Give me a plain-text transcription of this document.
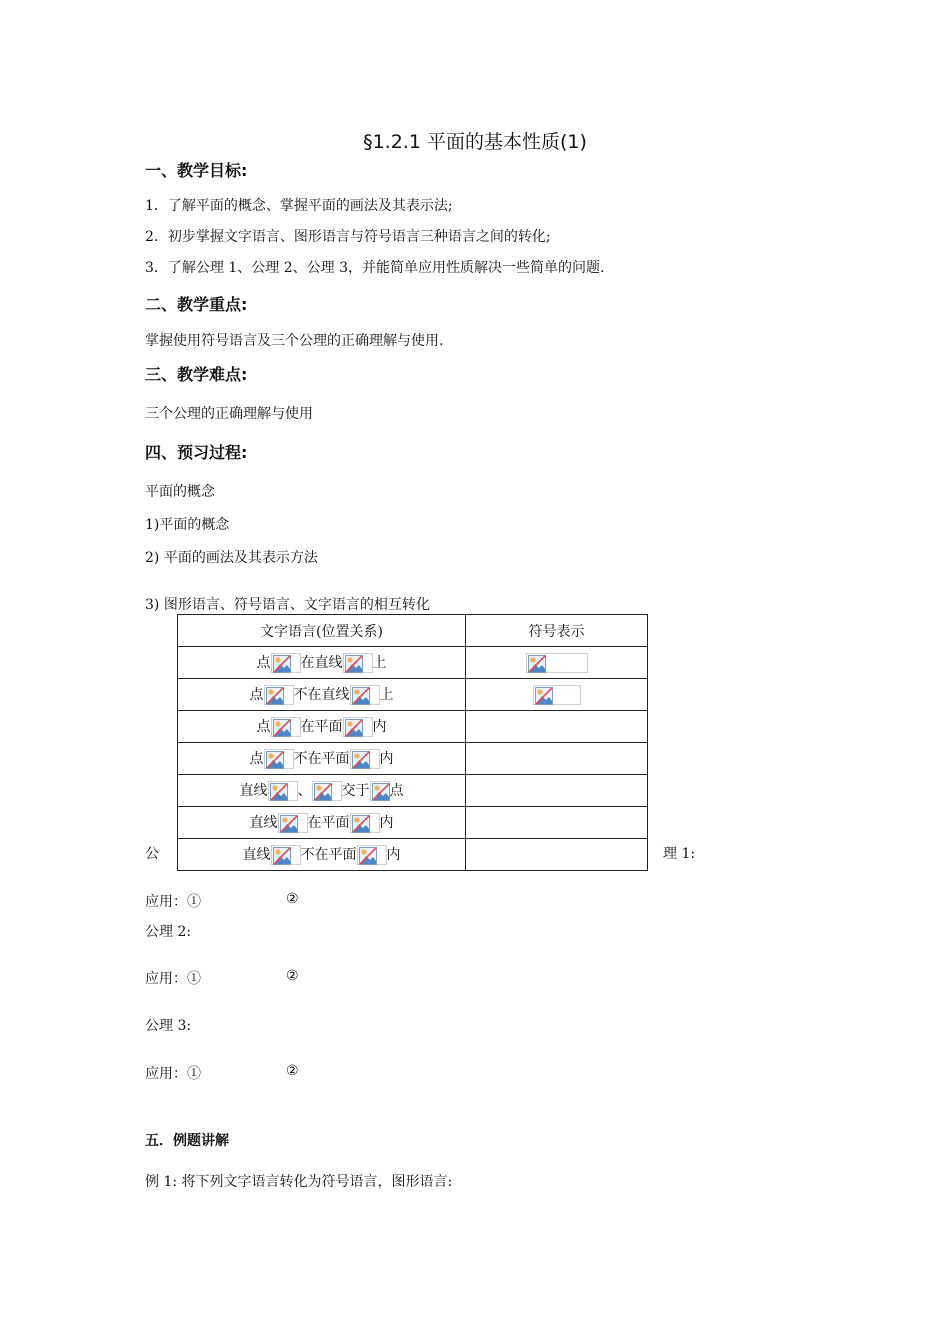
§1.2.1 平面的基本性质(1)
一、教学目标:
1．了解平面的概念、掌握平面的画法及其表示法;
2．初步掌握文字语言、图形语言与符号语言三种语言之间的转化;
3．了解公理 1、公理 2、公理 3，并能简单应用性质解决一些简单的问题.
二、教学重点:
掌握使用符号语言及三个公理的正确理解与使用.
三、教学难点:
三个公理的正确理解与使用
四、预习过程:
平面的概念
1)平面的概念
2) 平面的画法及其表示方法
3) 图形语言、符号语言、文字语言的相互转化
文字语言(位置关系)	符号表示
点 在直线 上	

点 不在直线 上	

点 在平面 内	
点 不在平面 内	
直线 、 交于 点	
直线 在平面 内	
直线 不在平面 内	
公	理 1:
应用：①	②
公理 2:
应用：①	②
公理 3:
应用：①	②
五．例题讲解
例 1: 将下列文字语言转化为符号语言，图形语言:
